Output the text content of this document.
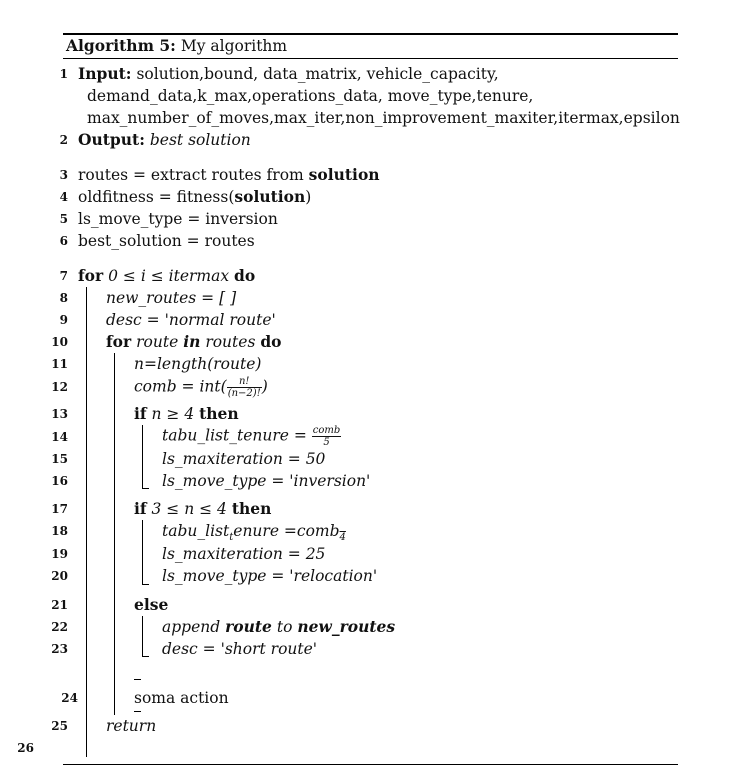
Algorithm 5: My algorithm
1 Input: solution,bound, data_matrix, vehicle_capacity,
demand_data,k_max,operations_data, move_type,tenure,
max_number_of_moves,max_iter,non_improvement_maxiter,itermax,epsilon
2 Output: best solution
3 routes = extract routes from solution
4 oldfitness = fitness(solution)
5 ls_move_type = inversion
6 best_solution = routes
7 for 0 ≤ i ≤ itermax do
8 new_routes = [ ]
9 desc = 'normal route'
10 for route in routes do
11	n=length(route)
12	comb = $int( \frac{n!}{(n-2)!}$ )
13	if n ≥ 4 then
14	tabu_list_tenure = $\frac{\text{comb}}{5}$
15	ls_maxiteration = 50
16	ls_move_type = 'inversion'
17	if 3 ≤ n ≤ 4 then
18	tabu_list$_t$enure =comb$_4$
19	ls_maxiteration = 25
20	ls_move_type = 'relocation'
21	else
22	append route to new_routes
23	desc = 'short route'
24	soma action
25 return
26
